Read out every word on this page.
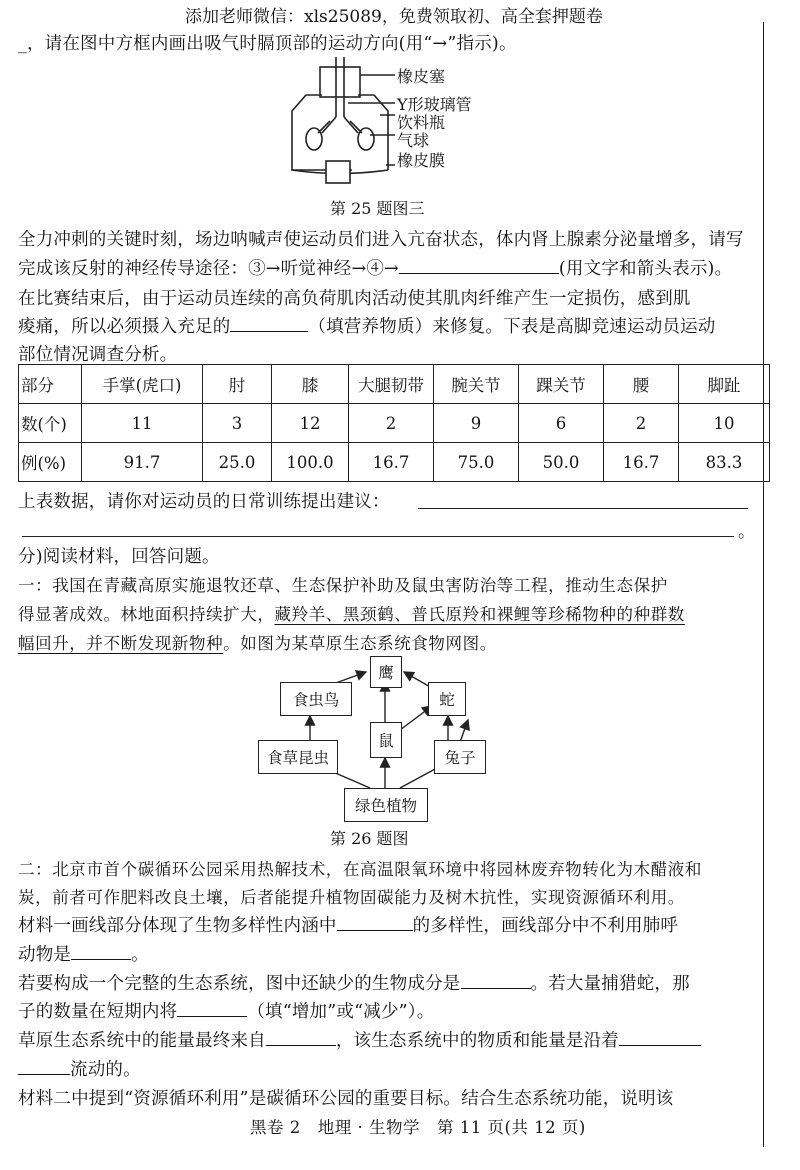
添加老师微信：xls25089，免费领取初、高全套押题卷
_，请在图中方框内画出吸气时膈顶部的运动方向(用“→”指示)。
橡皮塞
Y形玻璃管
饮料瓶
气球
橡皮膜
第 25 题图三
全力冲刺的关键时刻，场边呐喊声使运动员们进入亢奋状态，体内肾上腺素分泌量增多，请写
完成该反射的神经传导途径：③→听觉神经→④→	(用文字和箭头表示)。
在比赛结束后，由于运动员连续的高负荷肌肉活动使其肌肉纤维产生一定损伤，感到肌
痠痛，所以必须摄入充足的	（填营养物质）来修复。下表是高脚竞速运动员运动
部位情况调查分析。
部分	手掌(虎口)	肘	膝	大腿韧带	腕关节	踝关节	腰	脚趾
数(个)	11	3	12	2	9	6	2	10
例(%)	91.7	25.0	100.0	16.7	75.0	50.0	16.7	83.3
上表数据，请你对运动员的日常训练提出建议：
。
分)阅读材料，回答问题。
一：我国在青藏高原实施退牧还草、生态保护补助及鼠虫害防治等工程，推动生态保护
得显著成效。林地面积持续扩大，藏羚羊、黑颈鹤、普氏原羚和裸鲤等珍稀物种的种群数
幅回升，并不断发现新物种。如图为某草原生态系统食物网图。
鹰
食虫鸟	蛇
鼠
食草昆虫	兔子
绿色植物
第 26 题图
二：北京市首个碳循环公园采用热解技术，在高温限氧环境中将园林废弃物转化为木醋液和
炭，前者可作肥料改良土壤，后者能提升植物固碳能力及树木抗性，实现资源循环利用。
材料一画线部分体现了生物多样性内涵中	的多样性，画线部分中不利用肺呼
动物是	。
若要构成一个完整的生态系统，图中还缺少的生物成分是	。若大量捕猎蛇，那
子的数量在短期内将	（填“增加”或“减少”）。
草原生态系统中的能量最终来自	，该生态系统中的物质和能量是沿着
流动的。
材料二中提到“资源循环利用”是碳循环公园的重要目标。结合生态系统功能，说明该
黑卷 2　地理 · 生物学　第 11 页(共 12 页)
